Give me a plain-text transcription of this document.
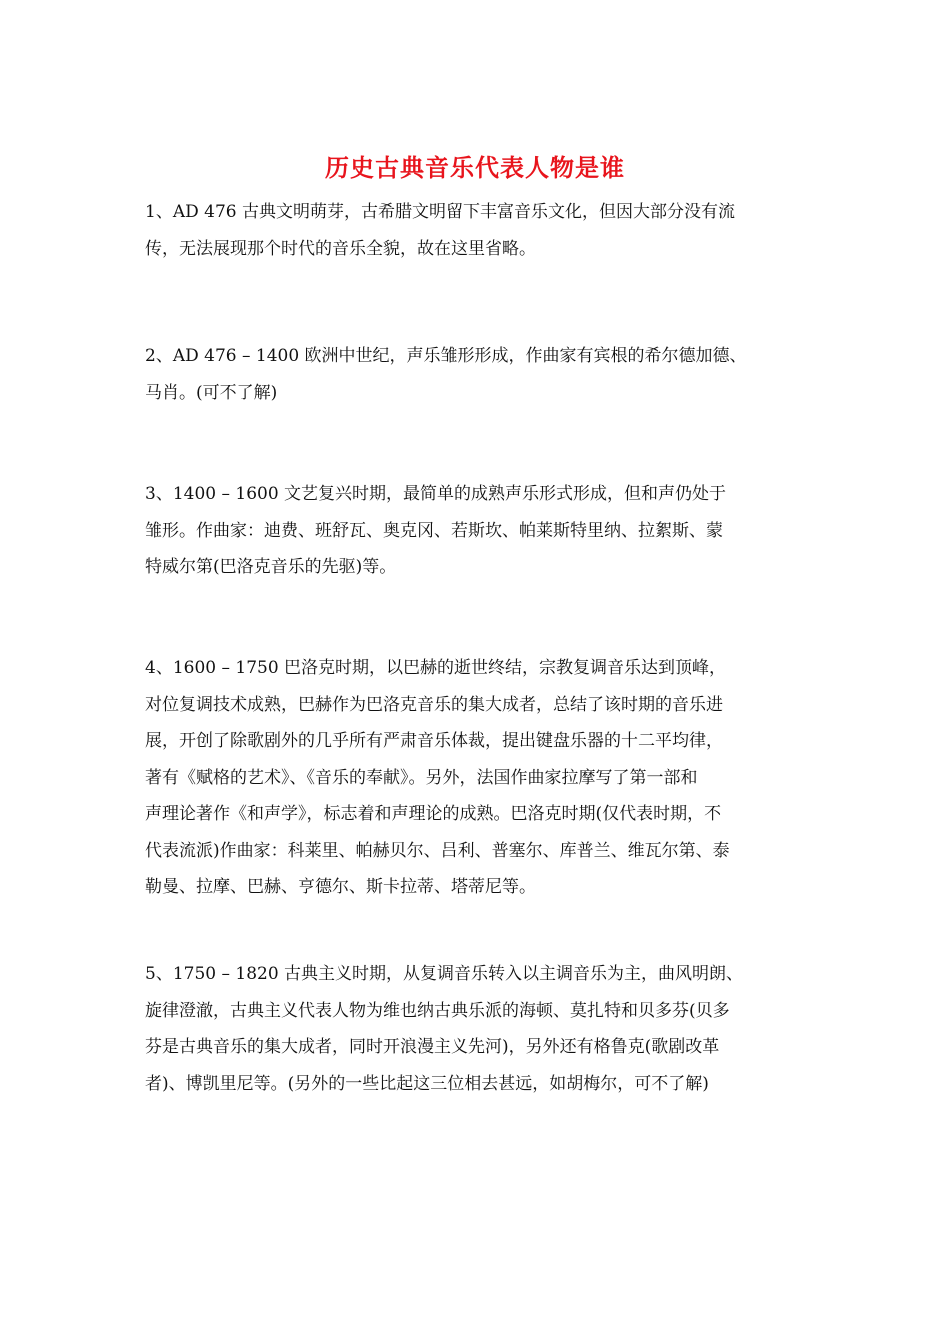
历史古典音乐代表人物是谁
1、AD 476 古典文明萌芽，古希腊文明留下丰富音乐文化，但因大部分没有流
传，无法展现那个时代的音乐全貌，故在这里省略。
2、AD 476 – 1400 欧洲中世纪，声乐雏形形成，作曲家有宾根的希尔德加德、
马肖。(可不了解)
3、1400 – 1600 文艺复兴时期，最简单的成熟声乐形式形成，但和声仍处于
雏形。作曲家：迪费、班舒瓦、奥克冈、若斯坎、帕莱斯特里纳、拉絮斯、蒙
特威尔第(巴洛克音乐的先驱)等。
4、1600 – 1750 巴洛克时期，以巴赫的逝世终结，宗教复调音乐达到顶峰，
对位复调技术成熟，巴赫作为巴洛克音乐的集大成者，总结了该时期的音乐进
展，开创了除歌剧外的几乎所有严肃音乐体裁，提出键盘乐器的十二平均律，
著有《赋格的艺术》、《音乐的奉献》。另外，法国作曲家拉摩写了第一部和
声理论著作《和声学》，标志着和声理论的成熟。巴洛克时期(仅代表时期，不
代表流派)作曲家：科莱里、帕赫贝尔、吕利、普塞尔、库普兰、维瓦尔第、泰
勒曼、拉摩、巴赫、亨德尔、斯卡拉蒂、塔蒂尼等。
5、1750 – 1820 古典主义时期，从复调音乐转入以主调音乐为主，曲风明朗、
旋律澄澈，古典主义代表人物为维也纳古典乐派的海顿、莫扎特和贝多芬(贝多
芬是古典音乐的集大成者，同时开浪漫主义先河)，另外还有格鲁克(歌剧改革
者)、博凯里尼等。(另外的一些比起这三位相去甚远，如胡梅尔，可不了解)
